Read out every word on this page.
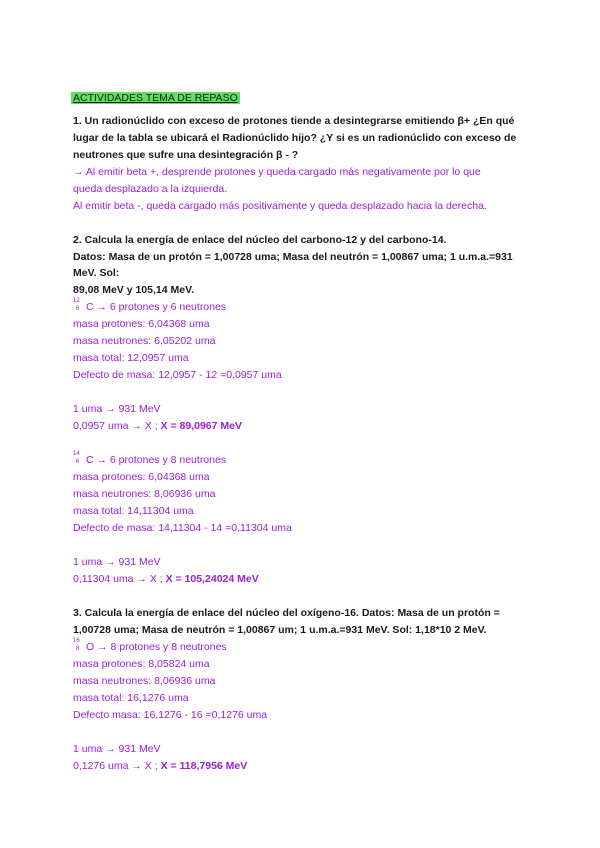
ACTIVIDADES TEMA DE REPASO
1. Un radionúclido con exceso de protones tiende a desintegrarse emitiendo β+ ¿En qué
lugar de la tabla se ubicará el Radionúclido hijo? ¿Y si es un radionúclido con exceso de
neutrones que sufre una desintegración β - ?
→ Al emitir beta +, desprende protones y queda cargado más negativamente por lo que
queda desplazado a la izquierda.
Al emitir beta -, queda cargado más positivamente y queda desplazado hacia la derecha.
2. Calcula la energía de enlace del núcleo del carbono-12 y del carbono-14.
Datos: Masa de un protón = 1,00728 uma; Masa del neutrón = 1,00867 uma; 1 u.m.a.=931
MeV. Sol:
89,08 MeV y 105,14 MeV.
12
6 C → 6 protones y 6 neutrones
masa protones: 6,04368 uma
masa neutrones: 6,05202 uma
masa total: 12,0957 uma
Defecto de masa: 12,0957 - 12 =0,0957 uma
1 uma → 931 MeV
0,0957 uma → X ; X = 89,0967 MeV
14
6 C → 6 protones y 8 neutrones
masa protones: 6,04368 uma
masa neutrones: 8,06936 uma
masa total: 14,11304 uma
Defecto de masa: 14,11304 - 14 =0,11304 uma
1 uma → 931 MeV
0,11304 uma → X ; X = 105,24024 MeV
3. Calcula la energía de enlace del núcleo del oxígeno-16. Datos: Masa de un protón =
1,00728 uma; Masa de neutrón = 1,00867 um; 1 u.m.a.=931 MeV. Sol: 1,18*10 2 MeV.
16
8 O → 8 protones y 8 neutrones
masa protones: 8,05824 uma
masa neutrones: 8,06936 uma
masa total: 16,1276 uma
Defecto masa: 16,1276 - 16 =0,1276 uma
1 uma → 931 MeV
0,1276 uma → X ; X = 118,7956 MeV
